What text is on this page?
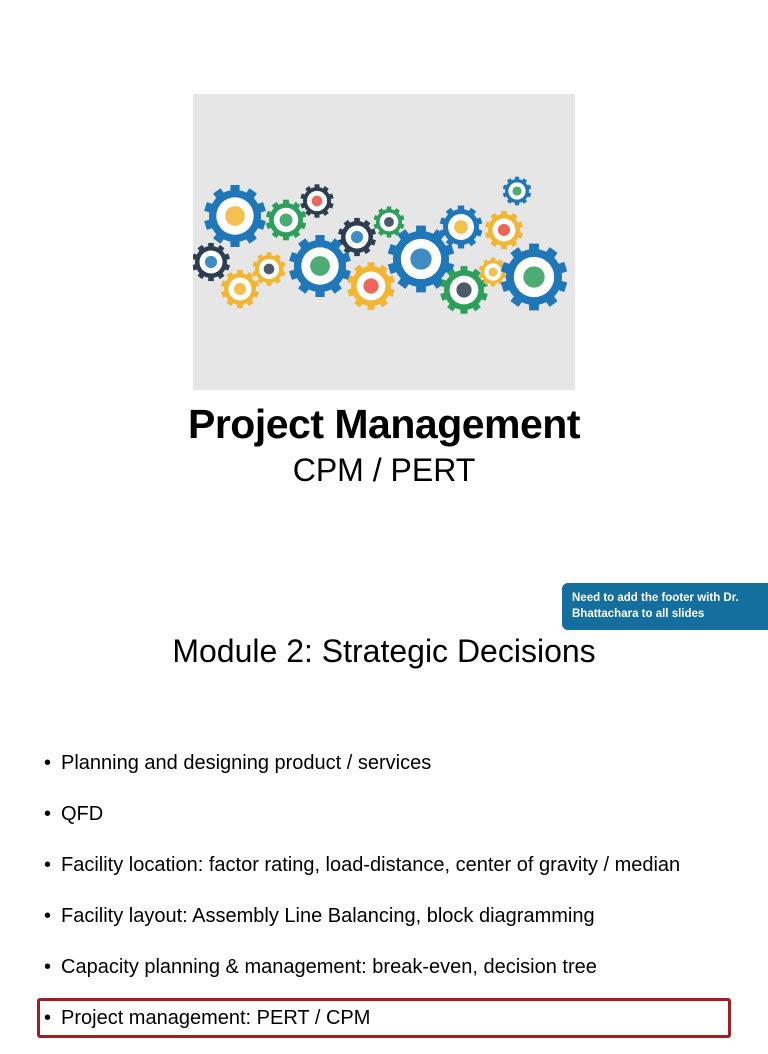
Project Management
CPM / PERT
Need to add the footer with Dr. Bhattachara to all slides
Module 2: Strategic Decisions
• Planning and designing product / services
• QFD
• Facility location: factor rating, load-distance, center of gravity / median
• Facility layout: Assembly Line Balancing, block diagramming
• Capacity planning & management: break-even, decision tree
• Project management: PERT / CPM
